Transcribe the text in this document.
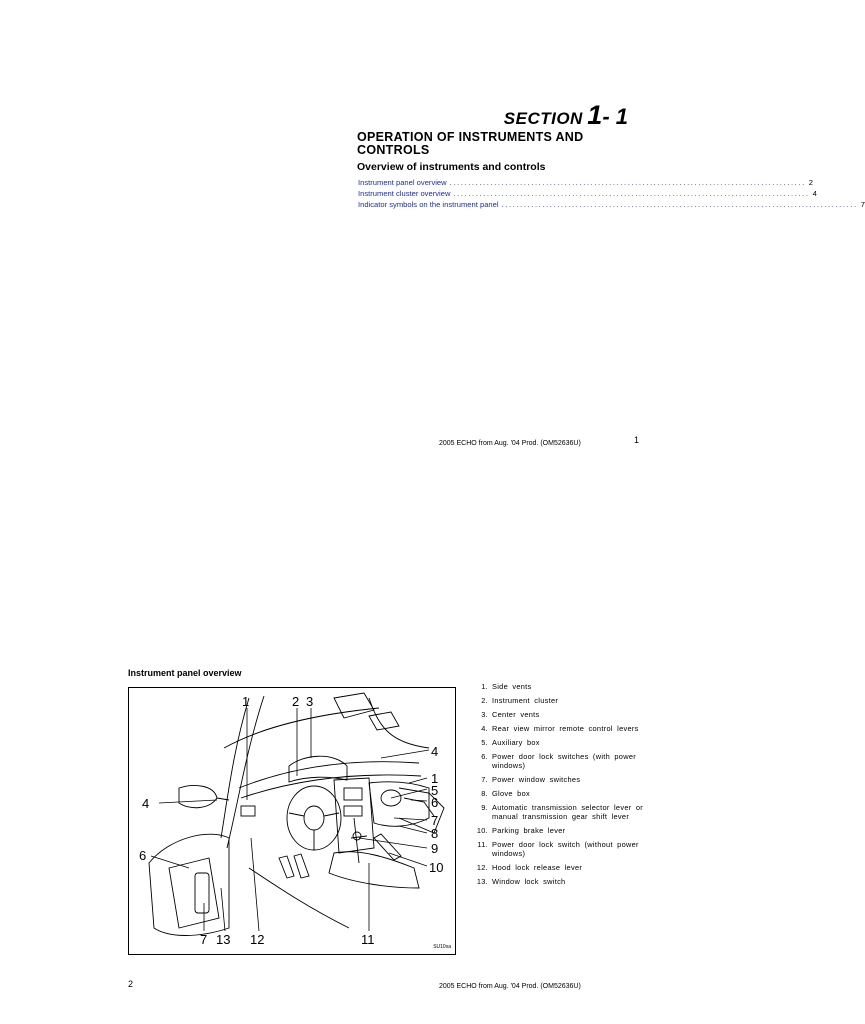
SECTION 1- 1
OPERATION OF INSTRUMENTS AND CONTROLS
Overview of instruments and controls
Instrument panel overview ................................................................................................ 2
Instrument cluster overview ................................................................................................ 4
Indicator symbols on the instrument panel ................................................................................................ 7
2005 ECHO from Aug. '04 Prod. (OM52636U)	1
Instrument panel overview
1	2 3
4
4
1
5
6
7
8
9
10
6
7 13 12	11	SU10xa
1. Side vents
2. Instrument cluster
3. Center vents
4. Rear view mirror remote control levers
5. Auxiliary box
6. Power door lock switches (with power windows)
7. Power window switches
8. Glove box
9. Automatic transmission selector lever or manual transmission gear shift lever
10. Parking brake lever
11. Power door lock switch (without power windows)
12. Hood lock release lever
13. Window lock switch
2	2005 ECHO from Aug. '04 Prod. (OM52636U)
